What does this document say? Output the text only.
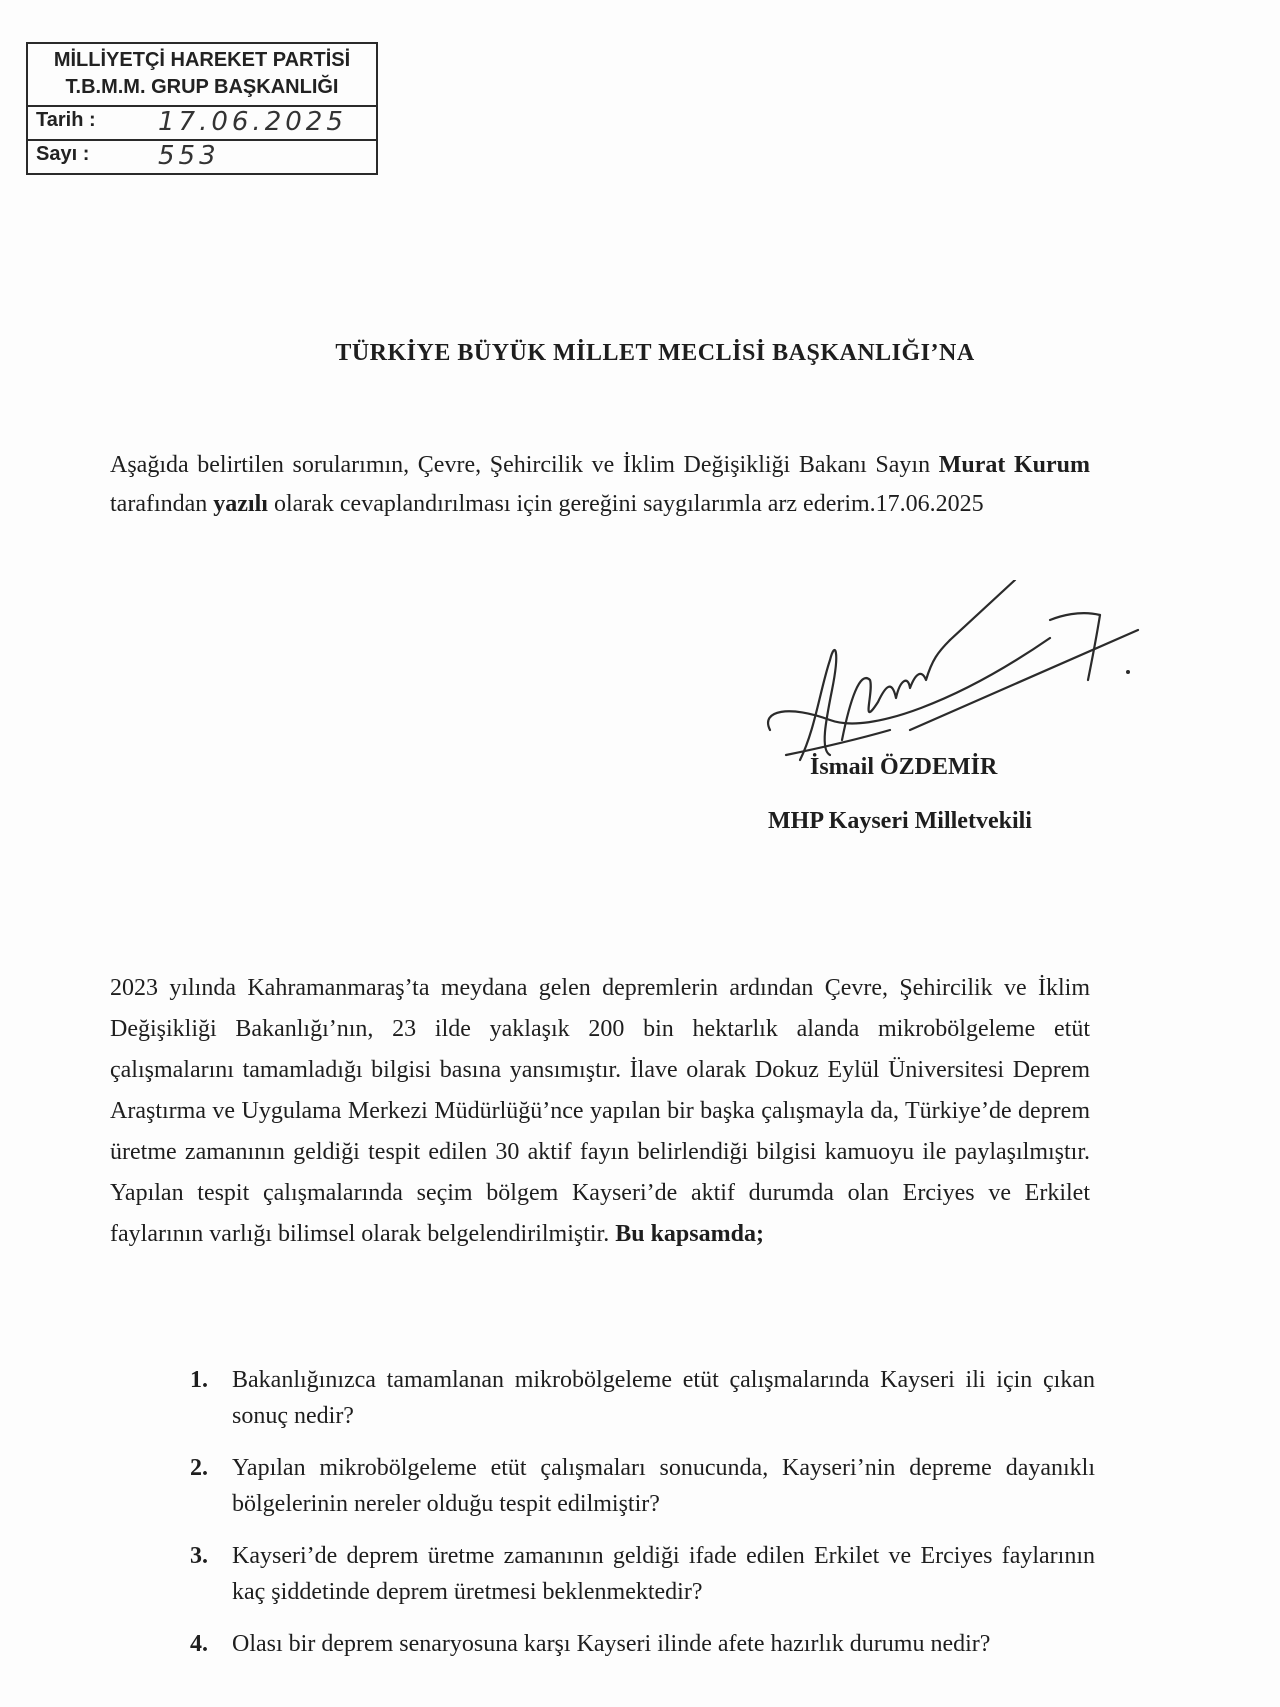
MİLLİYETÇİ HAREKET PARTİSİ
T.B.M.M. GRUP BAŞKANLIĞI
Tarih : 17.06.2025
Sayı :	553
TÜRKİYE BÜYÜK MİLLET MECLİSİ BAŞKANLIĞI’NA
Aşağıda belirtilen sorularımın, Çevre, Şehircilik ve İklim Değişikliği Bakanı Sayın Murat Kurum tarafından yazılı olarak cevaplandırılması için gereğini saygılarımla arz ederim.17.06.2025
İsmail ÖZDEMİR
MHP Kayseri Milletvekili
2023 yılında Kahramanmaraş’ta meydana gelen depremlerin ardından Çevre, Şehircilik ve İklim Değişikliği Bakanlığı’nın, 23 ilde yaklaşık 200 bin hektarlık alanda mikrobölgeleme etüt çalışmalarını tamamladığı bilgisi basına yansımıştır. İlave olarak Dokuz Eylül Üniversitesi Deprem Araştırma ve Uygulama Merkezi Müdürlüğü’nce yapılan bir başka çalışmayla da, Türkiye’de deprem üretme zamanının geldiği tespit edilen 30 aktif fayın belirlendiği bilgisi kamuoyu ile paylaşılmıştır. Yapılan tespit çalışmalarında seçim bölgem Kayseri’de aktif durumda olan Erciyes ve Erkilet faylarının varlığı bilimsel olarak belgelendirilmiştir. Bu kapsamda;
1. Bakanlığınızca tamamlanan mikrobölgeleme etüt çalışmalarında Kayseri ili için çıkan sonuç nedir?
2. Yapılan mikrobölgeleme etüt çalışmaları sonucunda, Kayseri’nin depreme dayanıklı bölgelerinin nereler olduğu tespit edilmiştir?
3. Kayseri’de deprem üretme zamanının geldiği ifade edilen Erkilet ve Erciyes faylarının kaç şiddetinde deprem üretmesi beklenmektedir?
4. Olası bir deprem senaryosuna karşı Kayseri ilinde afete hazırlık durumu nedir?
